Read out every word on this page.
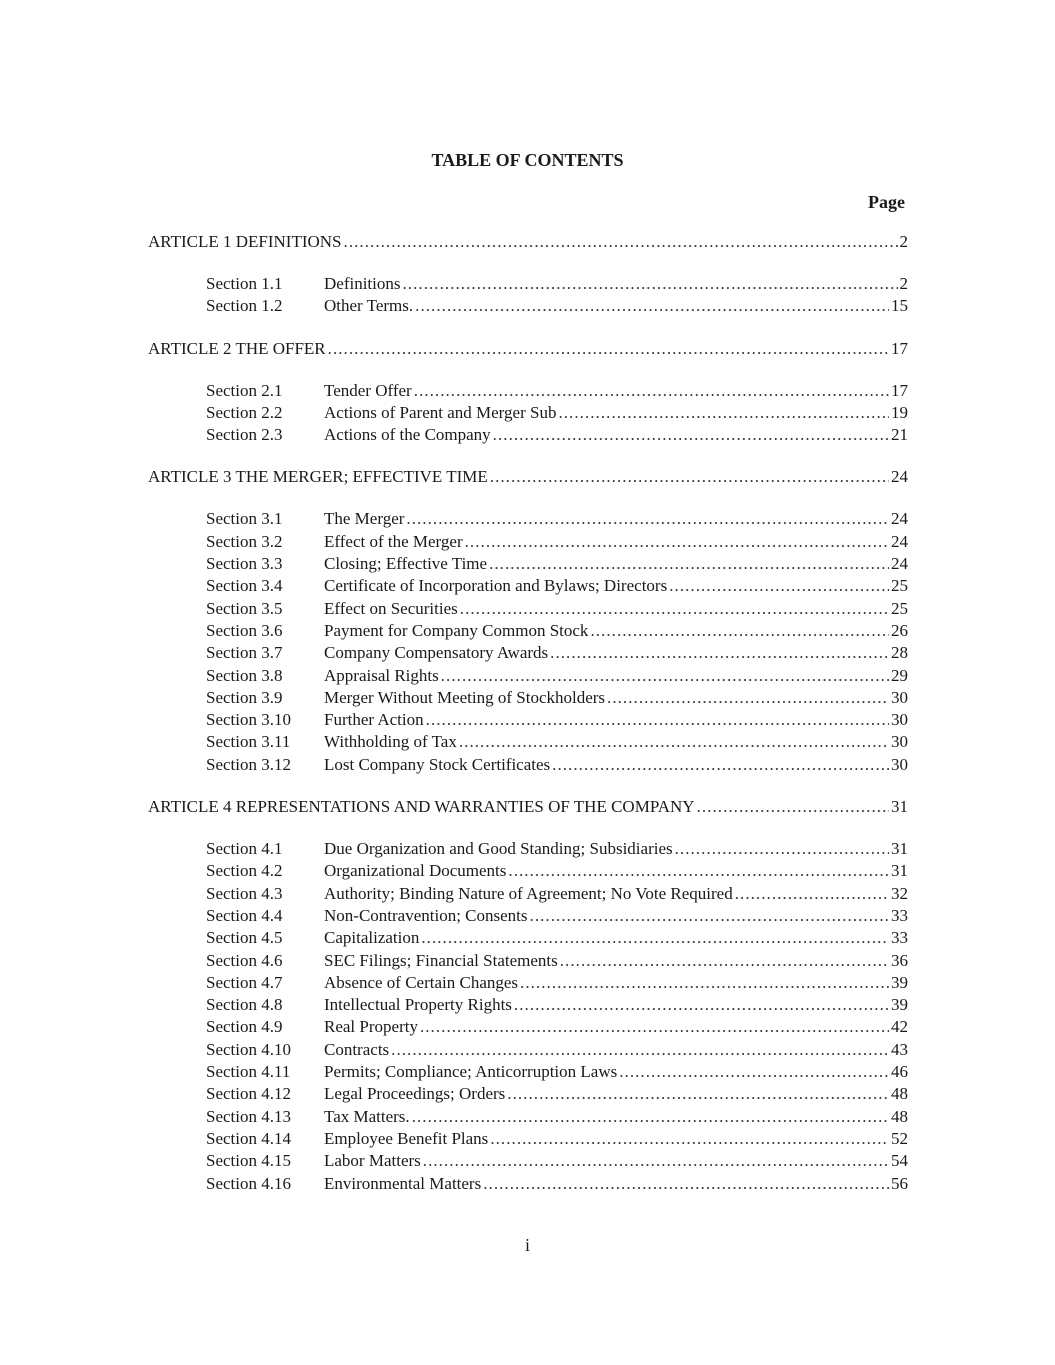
TABLE OF CONTENTS
Page
ARTICLE 1 DEFINITIONS . . .	2
Section 1.1	Definitions . . .	2
Section 1.2	Other Terms. . . .	15
ARTICLE 2 THE OFFER . . .	17
Section 2.1	Tender Offer . . .	17
Section 2.2	Actions of Parent and Merger Sub . . .	19
Section 2.3	Actions of the Company . . .	21
ARTICLE 3 THE MERGER; EFFECTIVE TIME . . .	24
Section 3.1	The Merger . . .	24
Section 3.2	Effect of the Merger . . .	24
Section 3.3	Closing; Effective Time . . .	24
Section 3.4	Certificate of Incorporation and Bylaws; Directors . . .	25
Section 3.5	Effect on Securities . . .	25
Section 3.6	Payment for Company Common Stock . . .	26
Section 3.7	Company Compensatory Awards . . .	28
Section 3.8	Appraisal Rights . . .	29
Section 3.9	Merger Without Meeting of Stockholders . . .	30
Section 3.10	Further Action . . .	30
Section 3.11	Withholding of Tax . . .	30
Section 3.12	Lost Company Stock Certificates . . .	30
ARTICLE 4 REPRESENTATIONS AND WARRANTIES OF THE COMPANY . . .	31
Section 4.1	Due Organization and Good Standing; Subsidiaries . . .	31
Section 4.2	Organizational Documents . . .	31
Section 4.3	Authority; Binding Nature of Agreement; No Vote Required . . .	32
Section 4.4	Non-Contravention; Consents . . .	33
Section 4.5	Capitalization . . .	33
Section 4.6	SEC Filings; Financial Statements . . .	36
Section 4.7	Absence of Certain Changes . . .	39
Section 4.8	Intellectual Property Rights . . .	39
Section 4.9	Real Property . . .	42
Section 4.10	Contracts . . .	43
Section 4.11	Permits; Compliance; Anticorruption Laws . . .	46
Section 4.12	Legal Proceedings; Orders . . .	48
Section 4.13	Tax Matters. . . .	48
Section 4.14	Employee Benefit Plans . . .	52
Section 4.15	Labor Matters . . .	54
Section 4.16	Environmental Matters . . .	56
i
